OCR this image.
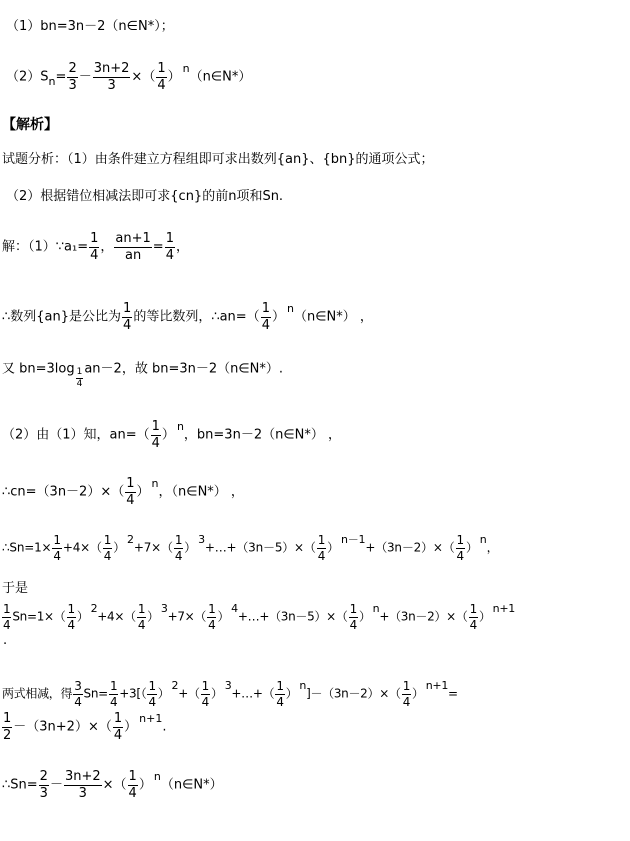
（1）bn=3n－2（n∈N*）；
$(2)S_n= \frac{2}{3} - \frac{3n+2}{3}$ ×（ $\frac{1}{4}$ ）$^n$（n∈N*）
【解析】
试题分析：（1）由条件建立方程组即可求出数列{an}、{bn}的通项公式；
（2）根据错位相减法即可求{cn}的前n项和Sn.
解：（1）∵a₁= $\frac{1}{4}$ ， $\frac{an+1}{an} = \frac{1}{4}$ ，
∴数列{an}是公比为 $\frac{1}{4}$ 的等比数列，∴an=（ $\frac{1}{4}$ ）$^n$（n∈N*） ，
又 $bn=3\log \frac{1}{4} an-2$，故 bn=3n－2（n∈N*）.
（2）由（1）知，$an=( \frac{1}{4} )^n$，bn=3n－2（n∈N*） ，
∴cn=（3n－2）×（ $\frac{1}{4} )^n$，（n∈N*） ，
∴Sn=1× $\frac{1}{4} +4\times( \frac{1}{4} )2+7\times( \frac{1}{4}$ ）3+…+（3n－5）×（ $\frac{1}{4} )n-1+(3n-2)\times( \frac{1}{4} )n$，
于是
$\frac{1}{4} Sn=1\times( \frac{1}{4} )2+4\times( \frac{1}{4} )3+7\times( \frac{1}{4}$ ）4+…+（3n－5）×（ $\frac{1}{4} )n+(3n-2)\times( \frac{1}{4} )n+1$
.
两式相减，得 $\frac{3}{4} Sn= \frac{1}{4} +3[( \frac{1}{4} )2+( \frac{1}{4}$ ）3+…+（ $\frac{1}{4} )n]-(3n-2)\times( \frac{1}{4} )n+1=$
$\frac{1}{2} -(3n+2)\times( \frac{1}{4} )^{n+1}$.
∴Sn= $\frac{2}{3} - \frac{3n+2}{3}$ ×（ $\frac{1}{4}$ ）$^n$（n∈N*）
